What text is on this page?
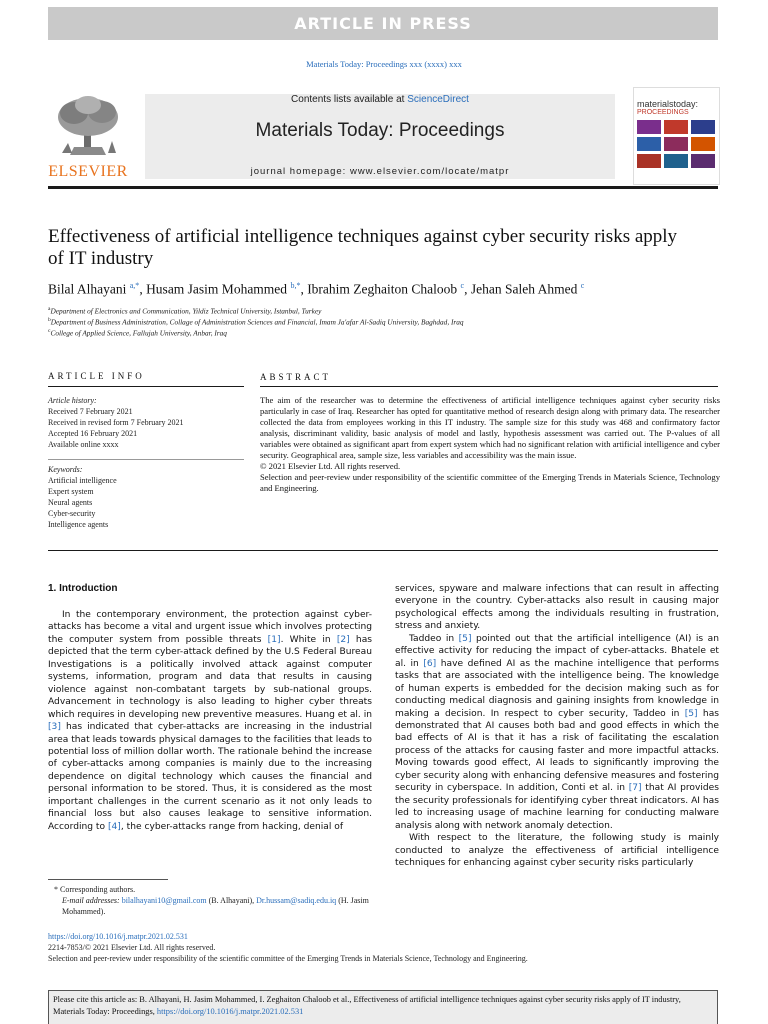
ARTICLE IN PRESS
Materials Today: Proceedings xxx (xxxx) xxx
Contents lists available at ScienceDirect
Materials Today: Proceedings
journal homepage: www.elsevier.com/locate/matpr
ELSEVIER
materialstoday:
PROCEEDINGS
Effectiveness of artificial intelligence techniques against cyber security risks apply of IT industry
Bilal Alhayani $^{a,*}$, Husam Jasim Mohammed $^{b,*}$, Ibrahim Zeghaiton Chaloob $^c$, Jehan Saleh Ahmed $^c$
$^a$Department of Electronics and Communication, Yildiz Technical University, Istanbul, Turkey
$^b$Department of Business Administration, Collage of Administration Sciences and Financial, Imam Ja'afar Al-Sadiq University, Baghdad, Iraq
$^c$College of Applied Science, Fallujah University, Anbar, Iraq
ARTICLE INFO	ABSTRACT
Article history:
Received 7 February 2021
Received in revised form 7 February 2021
Accepted 16 February 2021
Available online xxxx
Keywords:
Artificial intelligence
Expert system
Neural agents
Cyber-security
Intelligence agents

The aim of the researcher was to determine the effectiveness of artificial intelligence techniques against cyber security risks particularly in case of Iraq. Researcher has opted for quantitative method of research design along with primary data. The researcher collected the data from employees working in this IT industry. The sample size for this study was 468 and confirmatory factor analysis, discriminant validity, basic analysis of model and lastly, hypothesis assessment was carried out. The P-values of all variables were obtained as significant apart from expert system which had no significant relation with artificial intelligence and cyber security. Geographical area, sample size, less variables and accessibility was the main issue.

© 2021 Elsevier Ltd. All rights reserved.

Selection and peer-review under responsibility of the scientific committee of the Emerging Trends in Materials Science, Technology and Engineering.

1. Introduction

In the contemporary environment, the protection against cyber-attacks has become a vital and urgent issue which involves protecting the computer system from possible threats [1]. White in [2] has depicted that the term cyber-attack defined by the U.S Federal Bureau Investigations is a politically involved attack against computer systems, information, program and data that results in causing violence against non-combatant targets by sub-national groups. Advancement in technology is also leading to higher cyber threats which requires in developing new preventive measures. Huang et al. in [3] has indicated that cyber-attacks are increasing in the industrial area that leads towards physical damages to the facilities that leads to potential loss of million dollar worth. The rationale behind the increase of cyber-attacks among companies is mainly due to the increasing dependence on digital technology which causes the financial and personal information to be stored. Thus, it is considered as the most important challenges in the current scenario as it not only leads to financial loss but also causes leakage to sensitive information. According to [4], the cyber-attacks range from hacking, denial of

services, spyware and malware infections that can result in affecting everyone in the country. Cyber-attacks also result in causing major psychological effects among the individuals resulting in frustration, stress and anxiety.

Taddeo in [5] pointed out that the artificial intelligence (AI) is an effective activity for reducing the impact of cyber-attacks. Bhatele et al. in [6] have defined AI as the machine intelligence that performs tasks that are associated with the intelligence being. The knowledge of human experts is embedded for the decision making such as for conducting medical diagnosis and gaining insights from knowledge in making a decision. In respect to cyber security, Taddeo in [5] has demonstrated that AI causes both bad and good effects in which the bad effects of AI is that it has a risk of facilitating the escalation process of the attacks for causing faster and more impactful attacks. Moving towards good effect, AI leads to significantly improving the cyber security along with enhancing defensive measures and fostering security in cyberspace. In addition, Conti et al. in [7] that AI provides the security professionals for identifying cyber threat indicators. AI has led to increasing usage of machine learning for conducting malware analysis along with network anomaly detection.

With respect to the literature, the following study is mainly conducted to analyze the effectiveness of artificial intelligence techniques for enhancing against cyber security risks particularly

* Corresponding authors.
E-mail addresses: bilalhayani10@gmail.com (B. Alhayani), Dr.hussam@sadiq.edu.iq (H. Jasim Mohammed).
https://doi.org/10.1016/j.matpr.2021.02.531
2214-7853/© 2021 Elsevier Ltd. All rights reserved.
Selection and peer-review under responsibility of the scientific committee of the Emerging Trends in Materials Science, Technology and Engineering.
Please cite this article as: B. Alhayani, H. Jasim Mohammed, I. Zeghaiton Chaloob et al., Effectiveness of artificial intelligence techniques against cyber security risks apply of IT industry, Materials Today: Proceedings, https://doi.org/10.1016/j.matpr.2021.02.531
